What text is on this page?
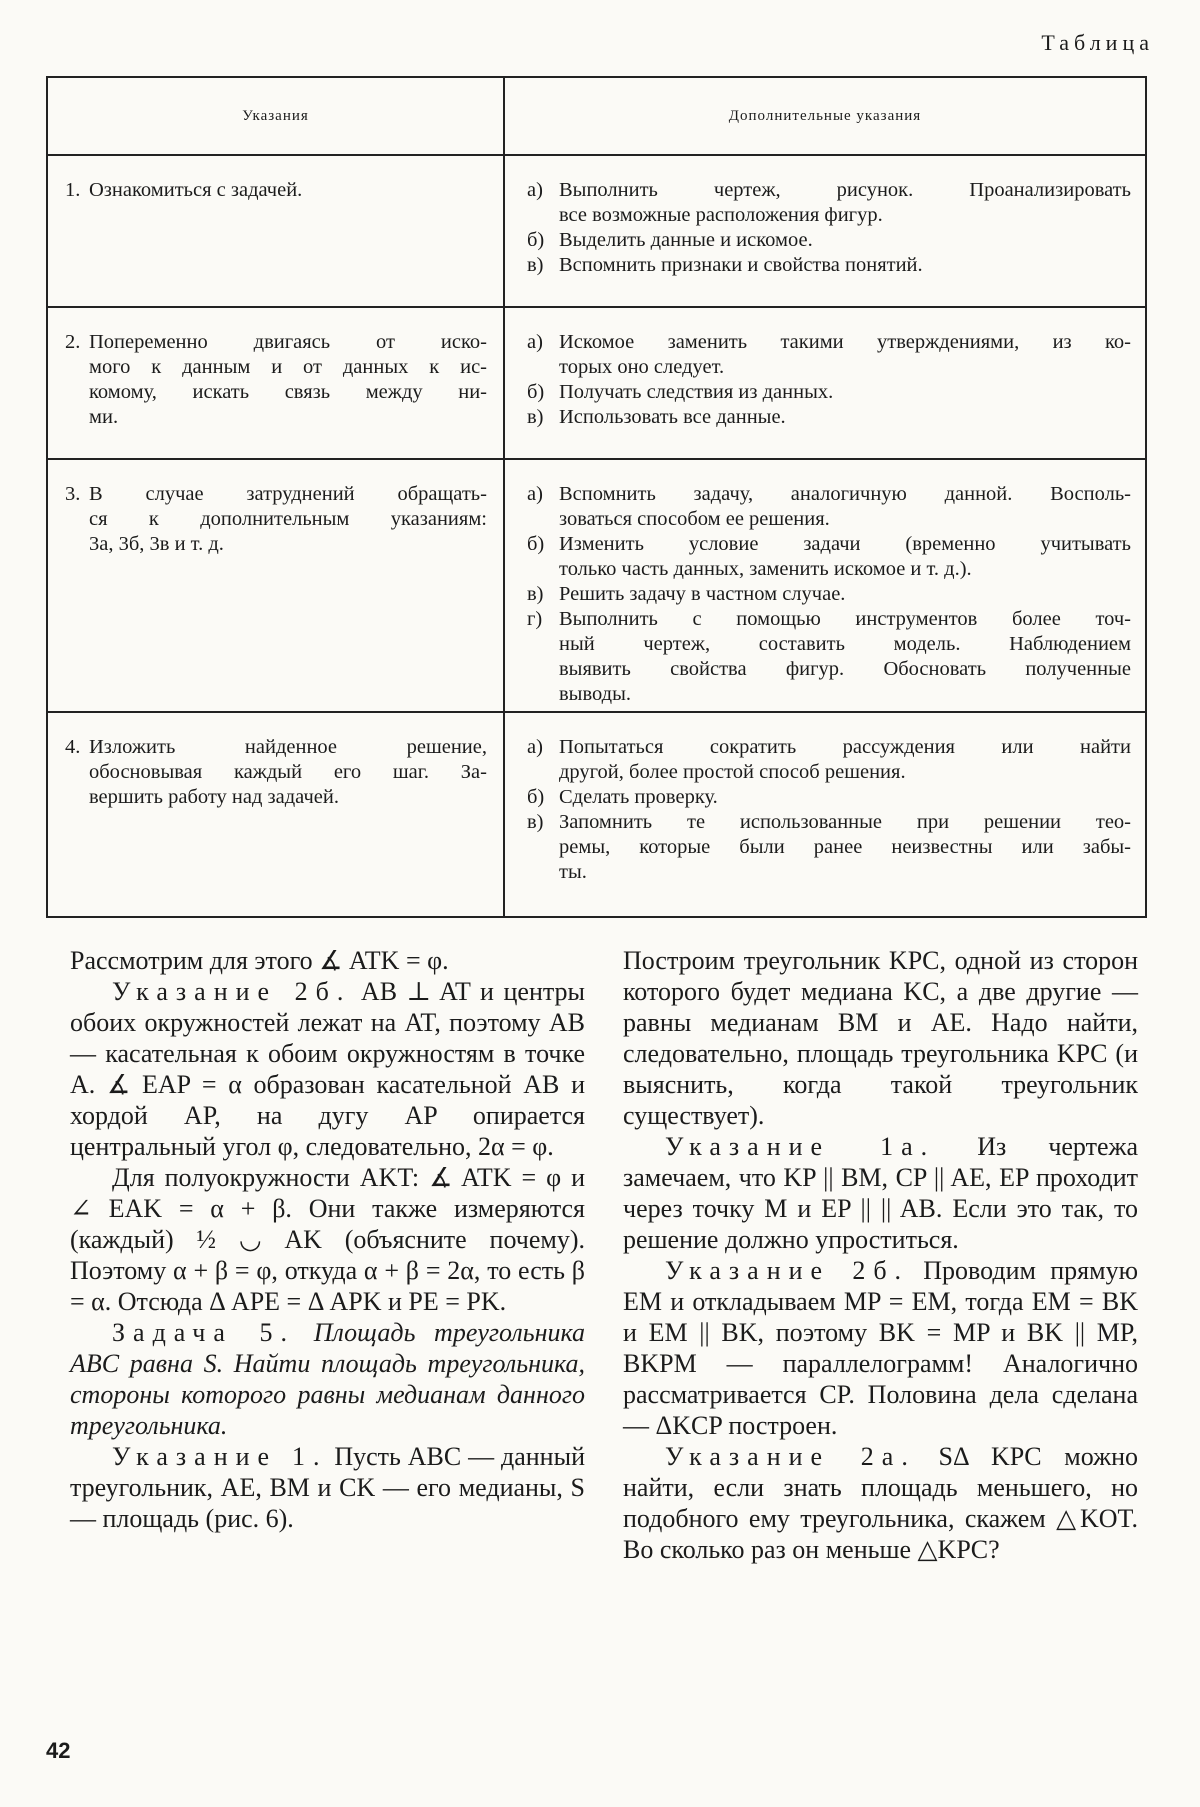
Таблица
Указания	Дополнительные указания
1. Ознакомиться с задачей.	а) Выполнить чертеж, рисунок. Проанализировать
все возможные расположения фигур.
б) Выделить данные и искомое.
в) Вспомнить признаки и свойства понятий.
2. Попеременно двигаясь от иско-
мого к данным и от данных к ис-
комому, искать связь между ни-
ми.
а) Искомое заменить такими утверждениями, из ко-
торых оно следует.
б) Получать следствия из данных.
в) Использовать все данные.
3. В случае затруднений обращать-
ся к дополнительным указаниям:
3а, 3б, 3в и т. д.
а) Вспомнить задачу, аналогичную данной. Восполь-
зоваться способом ее решения.
б) Изменить условие задачи (временно учитывать
только часть данных, заменить искомое и т. д.).
в) Решить задачу в частном случае.
г) Выполнить с помощью инструментов более точ-
ный чертеж, составить модель. Наблюдением
выявить свойства фигур. Обосновать полученные
выводы.
4. Изложить найденное решение,
обосновывая каждый его шаг. За-
вершить работу над задачей.
а) Попытаться сократить рассуждения или найти
другой, более простой способ решения.
б) Сделать проверку.
в) Запомнить те использованные при решении тео-
ремы, которые были ранее неизвестны или забы-
ты.

Рассмотрим для этого ∡ ATK = φ.

Указание 2б. AB ⊥ AT и центры обоих окружностей лежат на AT, поэтому AB — касательная к обоим окружностям в точке A. ∡ EAP = α образован касательной AB и хордой AP, на дугу AP опирается центральный угол φ, следовательно, 2α = φ.

Для полуокружности AKT: ∡ ATK = φ и ∠ EAK = α + β. Они также измеряются (каждый) ½ ◡ AK (объясните почему). Поэтому α + β = φ, откуда α + β = 2α, то есть β = α. Отсюда Δ APE = Δ APK и PE = PK.

Задача 5. Площадь треугольника ABC равна S. Найти площадь треугольника, стороны которого равны медианам данного треугольника.

Указание 1. Пусть ABC — данный треугольник, AE, BM и CK — его медианы, S — площадь (рис. 6).

Построим треугольник KPC, одной из сторон которого будет медиана KC, а две другие — равны медианам BM и AE. Надо найти, следовательно, площадь треугольника KPC (и выяснить, когда такой треугольник существует).

Указание 1а. Из чертежа замечаем, что KP || BM, CP || AE, EP проходит через точку M и EP || || AB. Если это так, то решение должно упроститься.

Указание 2б. Проводим прямую EM и откладываем MP = EM, тогда EM = BK и EM || BK, поэтому BK = MP и BK || MP, BKPM — параллелограмм! Аналогично рассматривается CP. Половина дела сделана — ΔKCP построен.

Указание 2а. SΔ KPC можно найти, если знать площадь меньшего, но подобного ему треугольника, скажем △KOT. Во сколько раз он меньше △KPC?

42
